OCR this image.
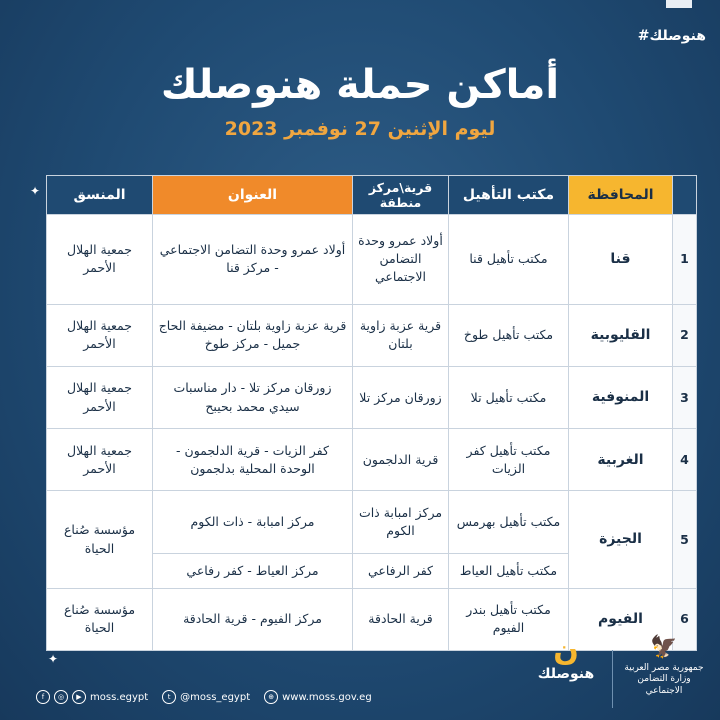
#هنوصلك
أماكن حملة هنوصلك
ليوم الإثنين 27 نوفمبر 2023
✦
✦
	المحافظة	مكتب التأهيل	قرية\مركز منطقة	العنوان	المنسق
1	قنا	مكتب تأهيل قنا	أولاد عمرو وحدة التضامن الاجتماعي	أولاد عمرو وحدة التضامن الاجتماعي - مركز قنا	جمعية الهلال الأحمر
2	القليوبية	مكتب تأهيل طوخ	قرية عزبة زاوية بلتان	قرية عزبة زاوية بلتان - مضيفة الحاج جميل - مركز طوخ	جمعية الهلال الأحمر
3	المنوفية	مكتب تأهيل تلا	زورقان مركز تلا	زورقان مركز تلا - دار مناسبات سيدي محمد بحيبح	جمعية الهلال الأحمر
4	الغربية	مكتب تأهيل كفر الزيات	قرية الدلجمون	كفر الزيات - قرية الدلجمون - الوحدة المحلية بدلجمون	جمعية الهلال الأحمر
5	الجيزة	مكتب تأهيل بهرمس	مركز امبابة ذات الكوم	مركز امبابة - ذات الكوم	مؤسسة صُناع الحياة
		مكتب تأهيل العياط	كفر الرفاعي	مركز العياط - كفر رفاعي	
6	الفيوم	مكتب تأهيل بندر الفيوم	قرية الحادقة	مركز الفيوم - قرية الحادقة	مؤسسة صُناع الحياة
f	◎	▶ moss.egypt	t @moss_egypt	⊕ www.moss.gov.eg
ن
هنوصلك
🦅
جمهورية مصر العربية
وزارة التضامن الاجتماعي
